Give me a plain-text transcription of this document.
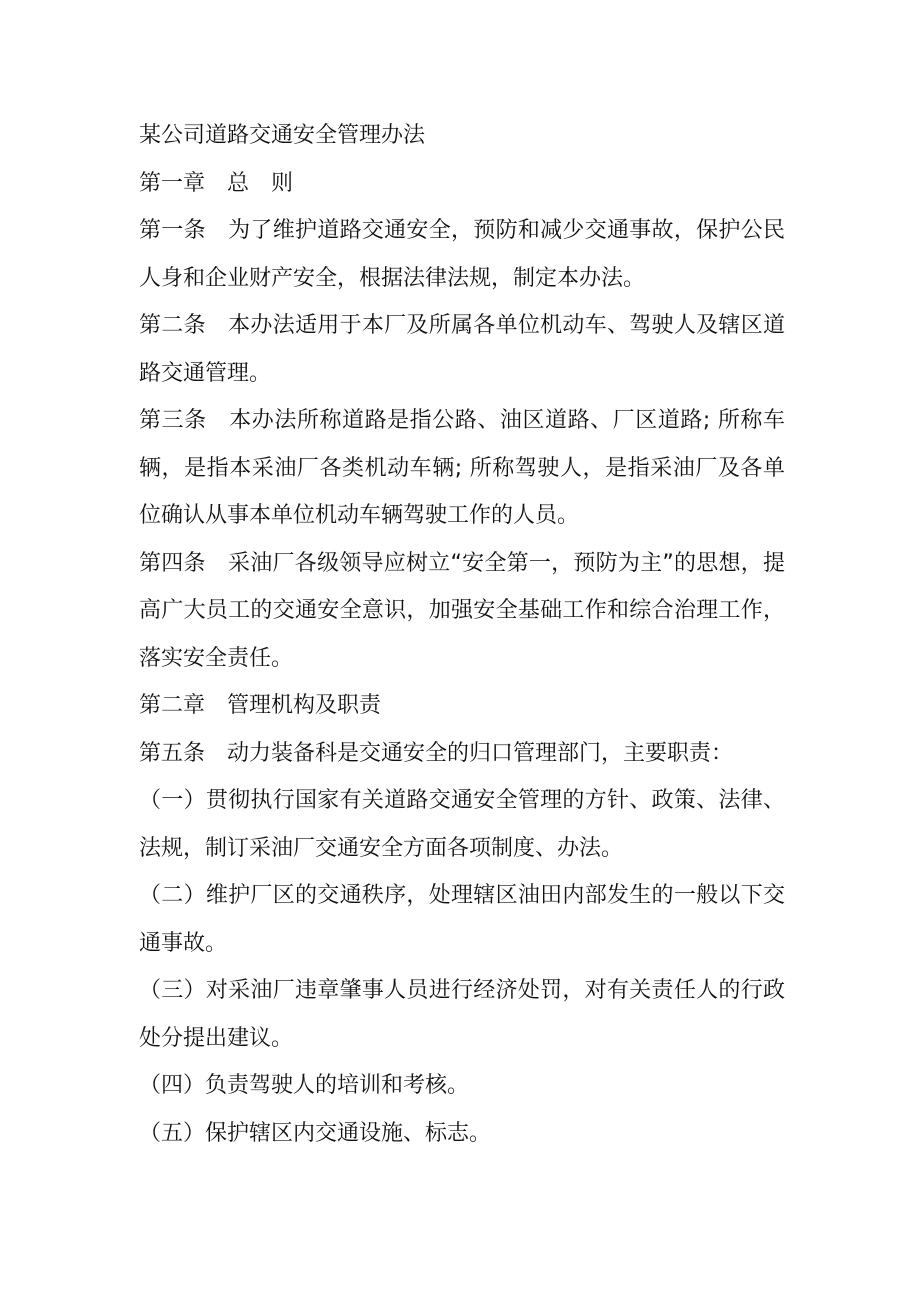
某公司道路交通安全管理办法

第一章　总　则

第一条　为了维护道路交通安全，预防和减少交通事故，保护公民人身和企业财产安全，根据法律法规，制定本办法。

第二条　本办法适用于本厂及所属各单位机动车、驾驶人及辖区道路交通管理。

第三条　本办法所称道路是指公路、油区道路、厂区道路; 所称车辆，是指本采油厂各类机动车辆; 所称驾驶人，是指采油厂及各单位确认从事本单位机动车辆驾驶工作的人员。

第四条　采油厂各级领导应树立“安全第一，预防为主”的思想，提高广大员工的交通安全意识，加强安全基础工作和综合治理工作，落实安全责任。

第二章　管理机构及职责

第五条　动力装备科是交通安全的归口管理部门，主要职责：

（一）贯彻执行国家有关道路交通安全管理的方针、政策、法律、法规，制订采油厂交通安全方面各项制度、办法。

（二）维护厂区的交通秩序，处理辖区油田内部发生的一般以下交通事故。

（三）对采油厂违章肇事人员进行经济处罚，对有关责任人的行政处分提出建议。

（四）负责驾驶人的培训和考核。

（五）保护辖区内交通设施、标志。
